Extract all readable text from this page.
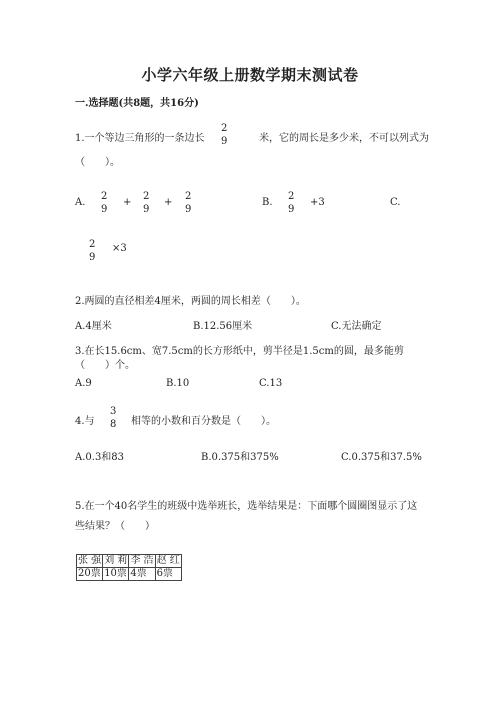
小学六年级上册数学期末测试卷
一.选择题(共8题，共16分)
1.一个等边三角形的一条边长
2
9	米，它的周长是多少米，不可以列式为
（　　）。
A.
2
9
+
2
9
+
2
9
B.
2
9
+3	C.
2
9
×3
2.两圆的直径相差4厘米，两圆的周长相差（　　）。
A.4厘米	B.12.56厘米	C.无法确定
3.在长15.6cm、宽7.5cm的长方形纸中，剪半径是1.5cm的圆，最多能剪
（　　）个。
A.9	B.10	C.13
4.与
3
8 相等的小数和百分数是（　　）。
A.0.3和83	B.0.375和375%	C.0.375和37.5%
5.在一个40名学生的班级中选举班长，选举结果是：下面哪个圆圈图显示了这
些结果？（　　）
张 强	刘 莉	李 浩	赵 红
20票	10票	4票	6票
